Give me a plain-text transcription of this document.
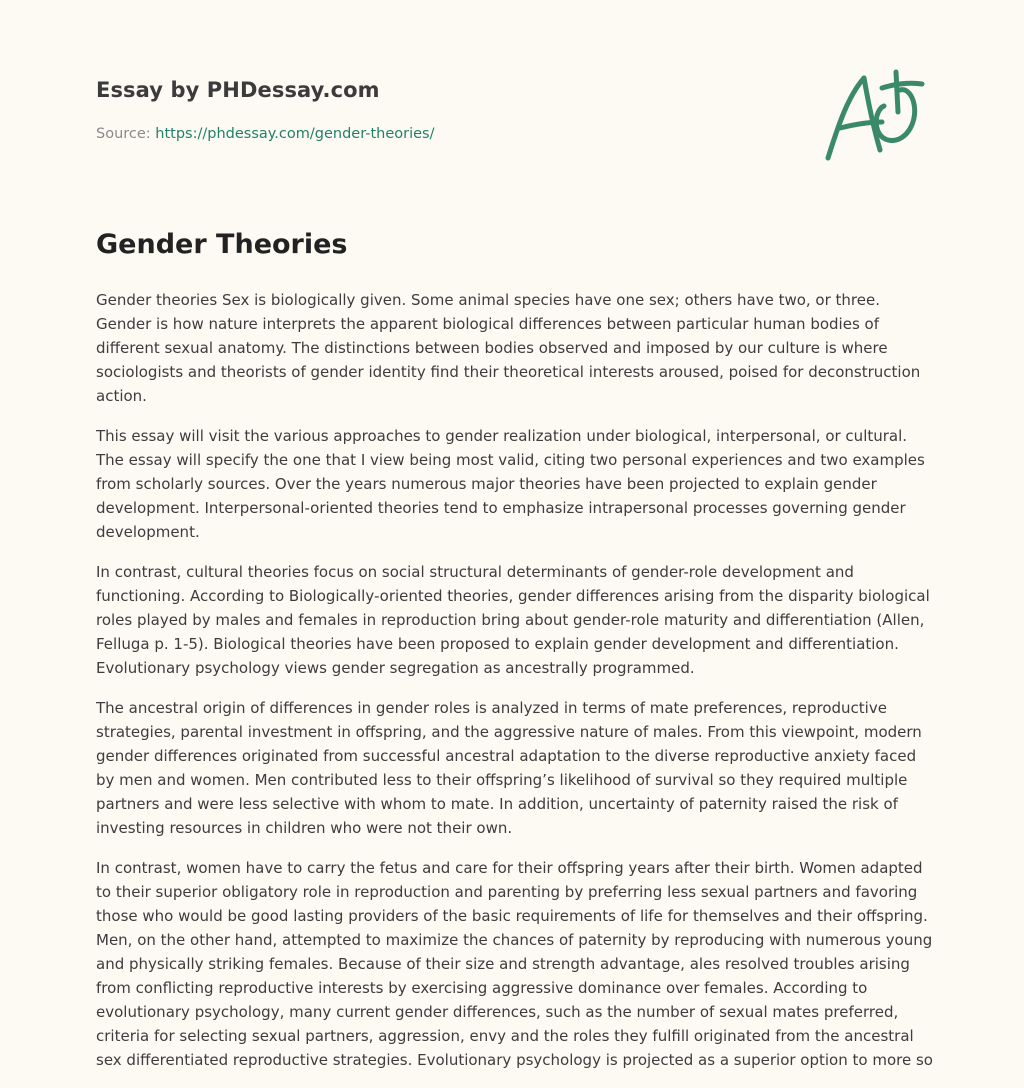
Essay by PHDessay.com
Source: https://phdessay.com/gender-theories/
Gender Theories

Gender theories Sex is biologically given. Some animal species have one sex; others have two, or three. Gender is how nature interprets the apparent biological differences between particular human bodies of different sexual anatomy. The distinctions between bodies observed and imposed by our culture is where sociologists and theorists of gender identity find their theoretical interests aroused, poised for deconstruction action.

This essay will visit the various approaches to gender realization under biological, interpersonal, or cultural. The essay will specify the one that I view being most valid, citing two personal experiences and two examples from scholarly sources. Over the years numerous major theories have been projected to explain gender development. Interpersonal-oriented theories tend to emphasize intrapersonal processes governing gender development.

In contrast, cultural theories focus on social structural determinants of gender-role development and functioning. According to Biologically-oriented theories, gender differences arising from the disparity biological roles played by males and females in reproduction bring about gender-role maturity and differentiation (Allen, Felluga p. 1-5). Biological theories have been proposed to explain gender development and differentiation. Evolutionary psychology views gender segregation as ancestrally programmed.

The ancestral origin of differences in gender roles is analyzed in terms of mate preferences, reproductive strategies, parental investment in offspring, and the aggressive nature of males. From this viewpoint, modern gender differences originated from successful ancestral adaptation to the diverse reproductive anxiety faced by men and women. Men contributed less to their offspring’s likelihood of survival so they required multiple partners and were less selective with whom to mate. In addition, uncertainty of paternity raised the risk of investing resources in children who were not their own.

In contrast, women have to carry the fetus and care for their offspring years after their birth. Women adapted to their superior obligatory role in reproduction and parenting by preferring less sexual partners and favoring those who would be good lasting providers of the basic requirements of life for themselves and their offspring. Men, on the other hand, attempted to maximize the chances of paternity by reproducing with numerous young and physically striking females. Because of their size and strength advantage, ales resolved troubles arising from conflicting reproductive interests by exercising aggressive dominance over females. According to evolutionary psychology, many current gender differences, such as the number of sexual mates preferred, criteria for selecting sexual partners, aggression, envy and the roles they fulfill originated from the ancestral sex differentiated reproductive strategies. Evolutionary psychology is projected as a superior option to more so
